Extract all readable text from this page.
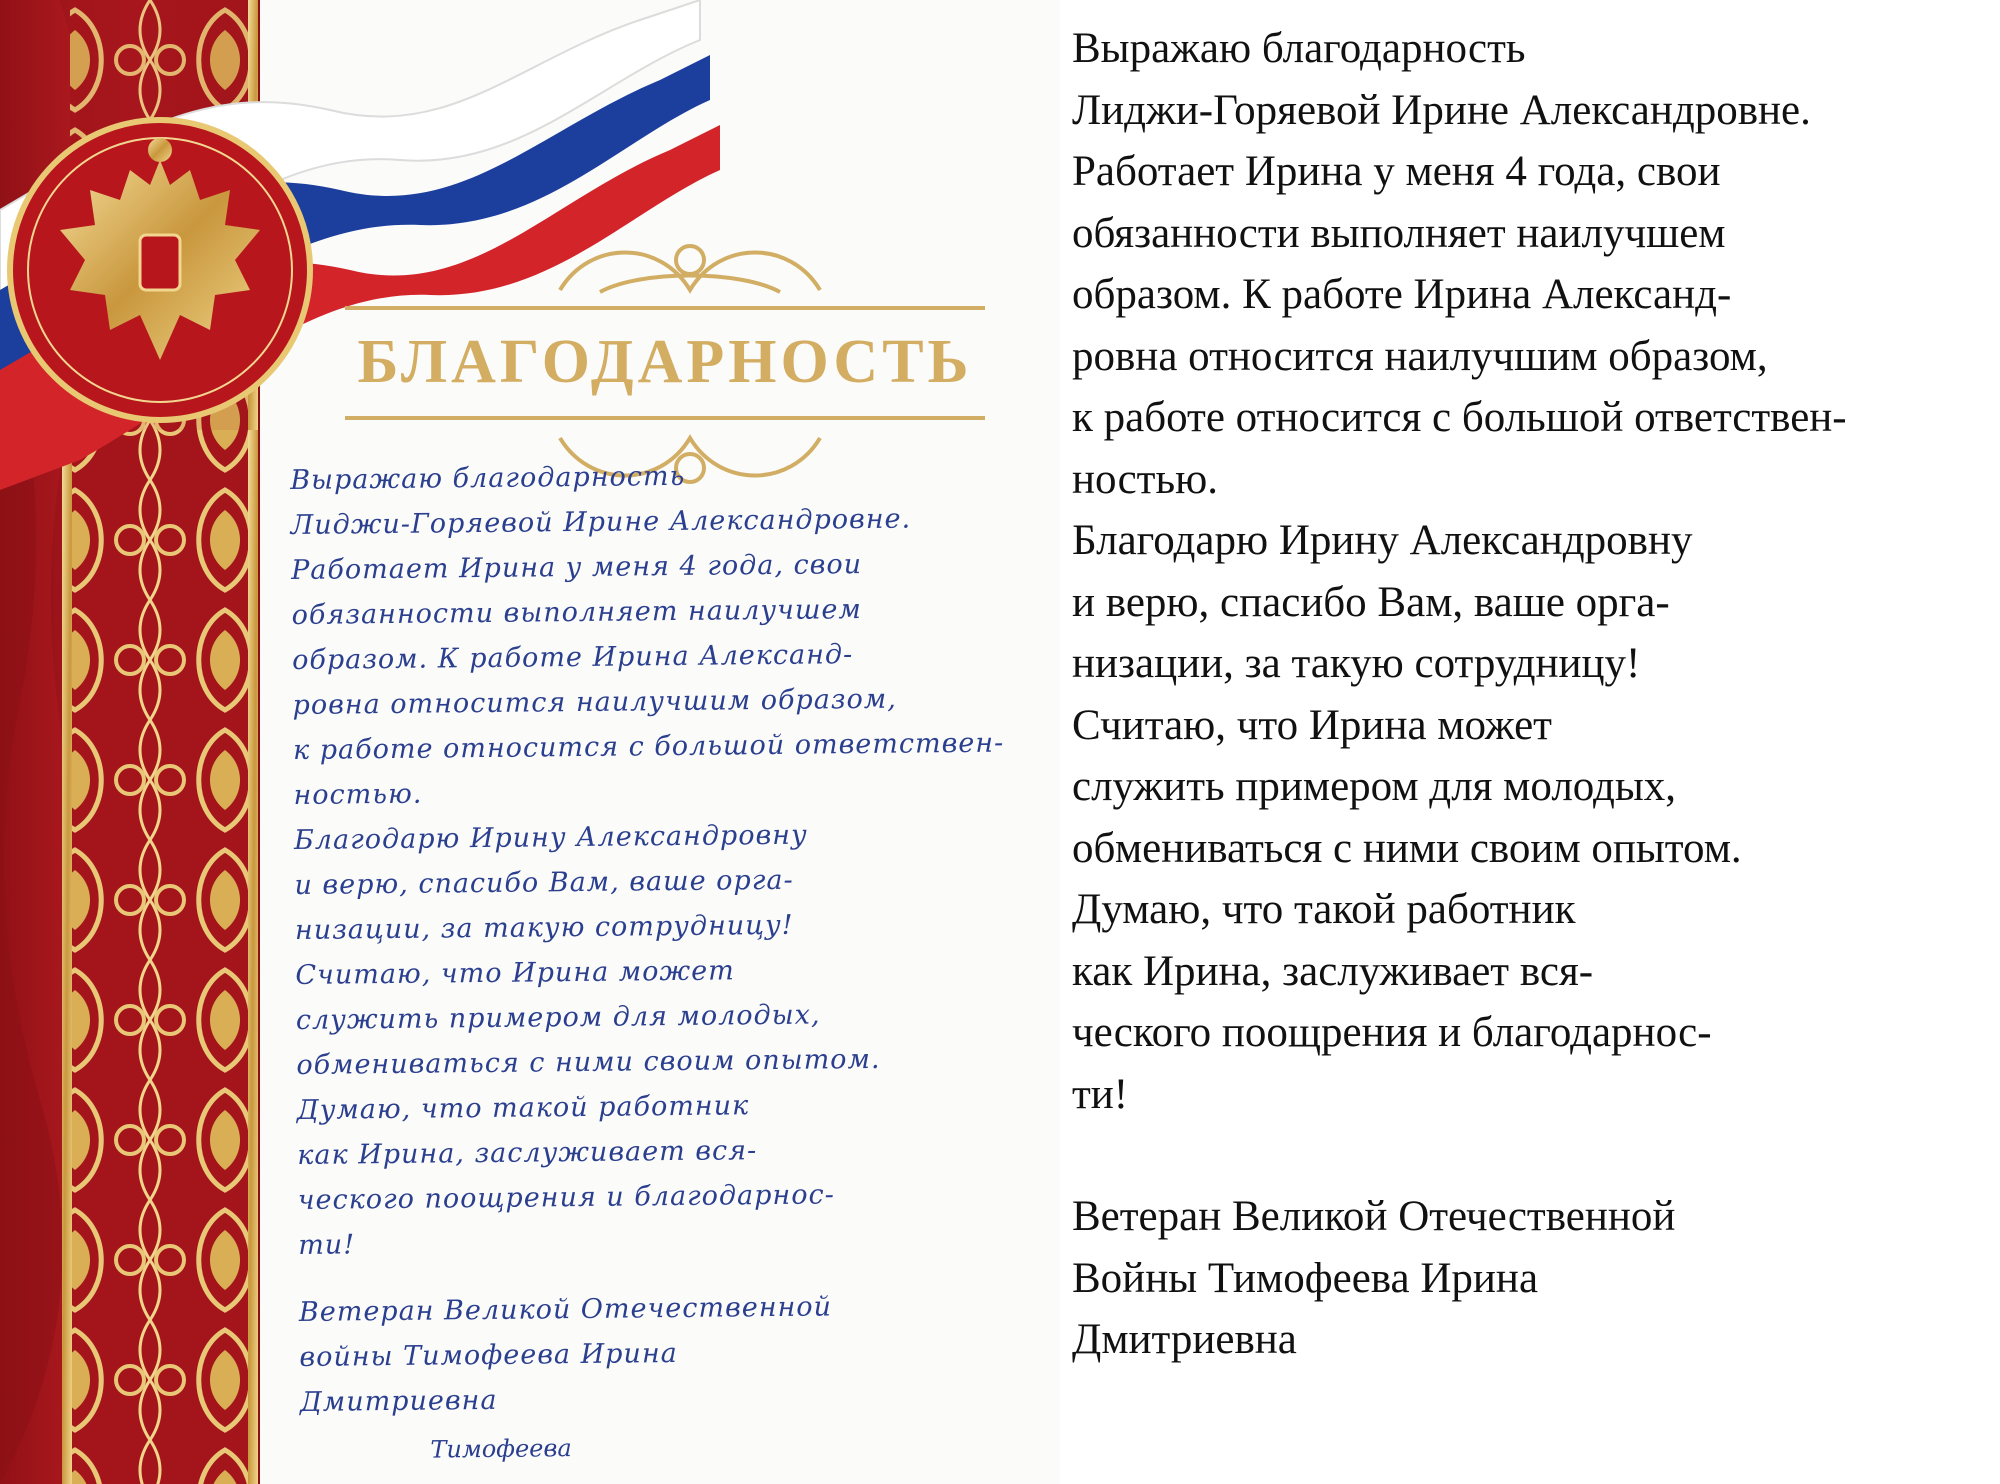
БЛАГОДАРНОСТЬ
Выражаю благодарность
Лиджи-Горяевой Ирине Александровне.
Работает Ирина у меня 4 года, свои
обязанности выполняет наилучшем
образом. К работе Ирина Александ-
ровна относится наилучшим образом,
к работе относится с большой ответствен-
ностью.
Благодарю Ирину Александровну
и верю, спасибо Вам, ваше орга-
низации, за такую сотрудницу!
Считаю, что Ирина может
служить примером для молодых,
обмениваться с ними своим опытом.
Думаю, что такой работник
как Ирина, заслуживает вся-
ческого поощрения и благодарнос-
ти!
Ветеран Великой Отечественной
войны Тимофеева Ирина
Дмитриевна
Тимофеева
Выражаю благодарность
Лиджи-Горяевой Ирине Александровне.
Работает Ирина у меня 4 года, свои
обязанности выполняет наилучшем
образом. К работе Ирина Александ-
ровна относится наилучшим образом,
к работе относится с большой ответствен-
ностью.
Благодарю Ирину Александровну
и верю, спасибо Вам, ваше орга-
низации, за такую сотрудницу!
Считаю, что Ирина может
служить примером для молодых,
обмениваться с ними своим опытом.
Думаю, что такой работник
как Ирина, заслуживает вся-
ческого поощрения и благодарнос-
ти!
Ветеран Великой Отечественной
Войны Тимофеева Ирина
Дмитриевна
